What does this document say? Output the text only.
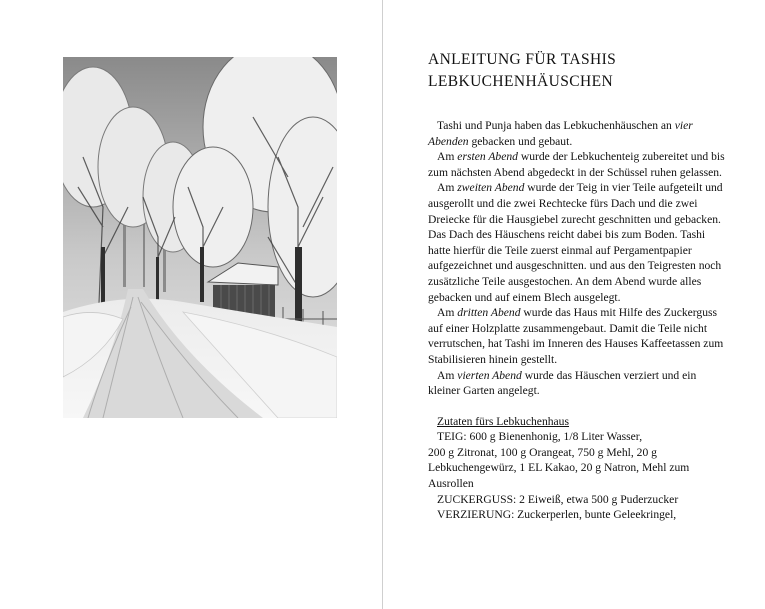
ANLEITUNG FÜR TASHIS
LEBKUCHENHÄUSCHEN

Tashi und Punja haben das Lebkuchenhäuschen an vier Abenden gebacken und gebaut.

Am ersten Abend wurde der Lebkuchenteig zubereitet und bis zum nächsten Abend abgedeckt in der Schüssel ruhen gelassen.

Am zweiten Abend wurde der Teig in vier Teile aufgeteilt und ausgerollt und die zwei Rechtecke fürs Dach und die zwei Dreiecke für die Hausgiebel zurecht geschnitten und gebacken. Das Dach des Häuschens reicht dabei bis zum Boden. Tashi hatte hierfür die Teile zuerst einmal auf Pergamentpapier aufgezeichnet und ausgeschnitten. und aus den Teigresten noch zusätzliche Teile ausgestochen. An dem Abend wurde alles gebacken und auf einem Blech ausgelegt.

Am dritten Abend wurde das Haus mit Hilfe des Zuckerguss auf einer Holzplatte zusammengebaut. Damit die Teile nicht verrutschen, hat Tashi im Inneren des Hauses Kaffeetassen zum Stabilisieren hinein gestellt.

Am vierten Abend wurde das Häuschen verziert und ein kleiner Garten angelegt.

Zutaten fürs Lebkuchenhaus

TEIG: 600 g Bienenhonig, 1/8 Liter Wasser,
200 g Zitronat, 100 g Orangeat, 750 g Mehl, 20 g
Lebkuchengewürz, 1 EL Kakao, 20 g Natron, Mehl zum
Ausrollen
ZUCKERGUSS: 2 Eiweiß, etwa 500 g Puderzucker
VERZIERUNG: Zuckerperlen, bunte Geleekringel,
